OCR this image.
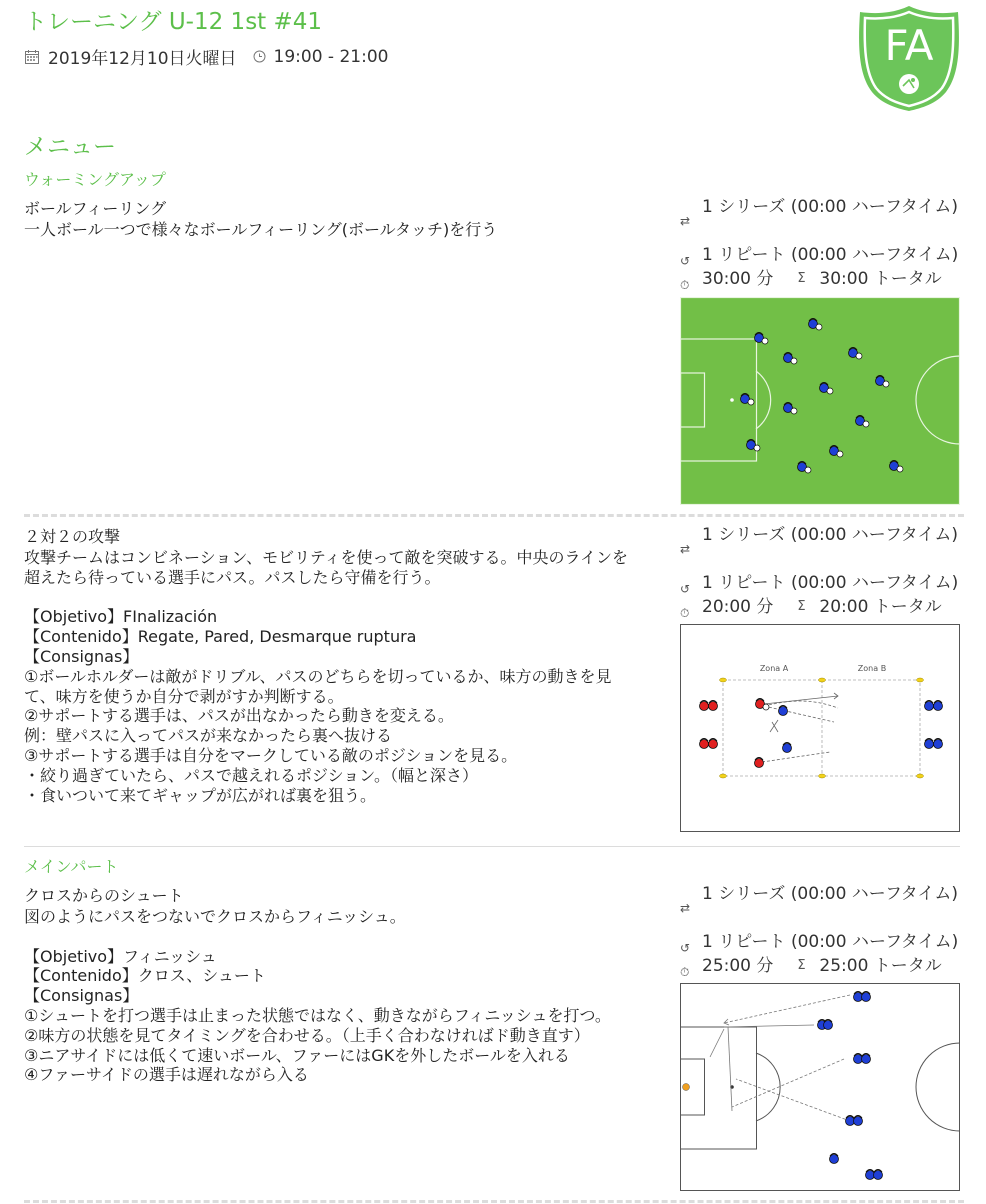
トレーニング U-12 1st #41
2019年12月10日火曜日 19:00 - 21:00	FA
メニュー
ウォーミングアップ
ボールフィーリング
一人ボール一つで様々なボールフィーリング(ボールタッチ)を行う	⇄
1 シリーズ (00:00 ハーフタイム)
↺ 1 リピート (00:00 ハーフタイム)
⏱ 30:00 分 Σ 30:00 トータル
２対２の攻撃
攻撃チームはコンビネーション、モビリティを使って敵を突破する。中央のラインを超えたら待っている選手にパス。パスしたら守備を行う。

【Objetivo】FInalización
【Contenido】Regate, Pared, Desmarque ruptura
【Consignas】
①ボールホルダーは敵がドリブル、パスのどちらを切っているか、味方の動きを見て、味方を使うか自分で剥がすか判断する。
②サポートする選手は、パスが出なかったら動きを変える。
例：壁パスに入ってパスが来なかったら裏へ抜ける
③サポートする選手は自分をマークしている敵のポジションを見る。
・絞り過ぎていたら、パスで越えれるポジション。（幅と深さ）
・食いついて来てギャップが広がれば裏を狙う。
⇄
1 シリーズ (00:00 ハーフタイム)
↺ 1 リピート (00:00 ハーフタイム)
⏱ 20:00 分 Σ 20:00 トータル
Zona A	Zona B
メインパート
クロスからのシュート
図のようにパスをつないでクロスからフィニッシュ。

【Objetivo】フィニッシュ
【Contenido】クロス、シュート
【Consignas】
①シュートを打つ選手は止まった状態ではなく、動きながらフィニッシュを打つ。
②味方の状態を見てタイミングを合わせる。（上手く合わなければド動き直す）
③ニアサイドには低くて速いボール、ファーにはGKを外したボールを入れる
④ファーサイドの選手は遅れながら入る
⇄
1 シリーズ (00:00 ハーフタイム)
↺ 1 リピート (00:00 ハーフタイム)
⏱ 25:00 分 Σ 25:00 トータル
